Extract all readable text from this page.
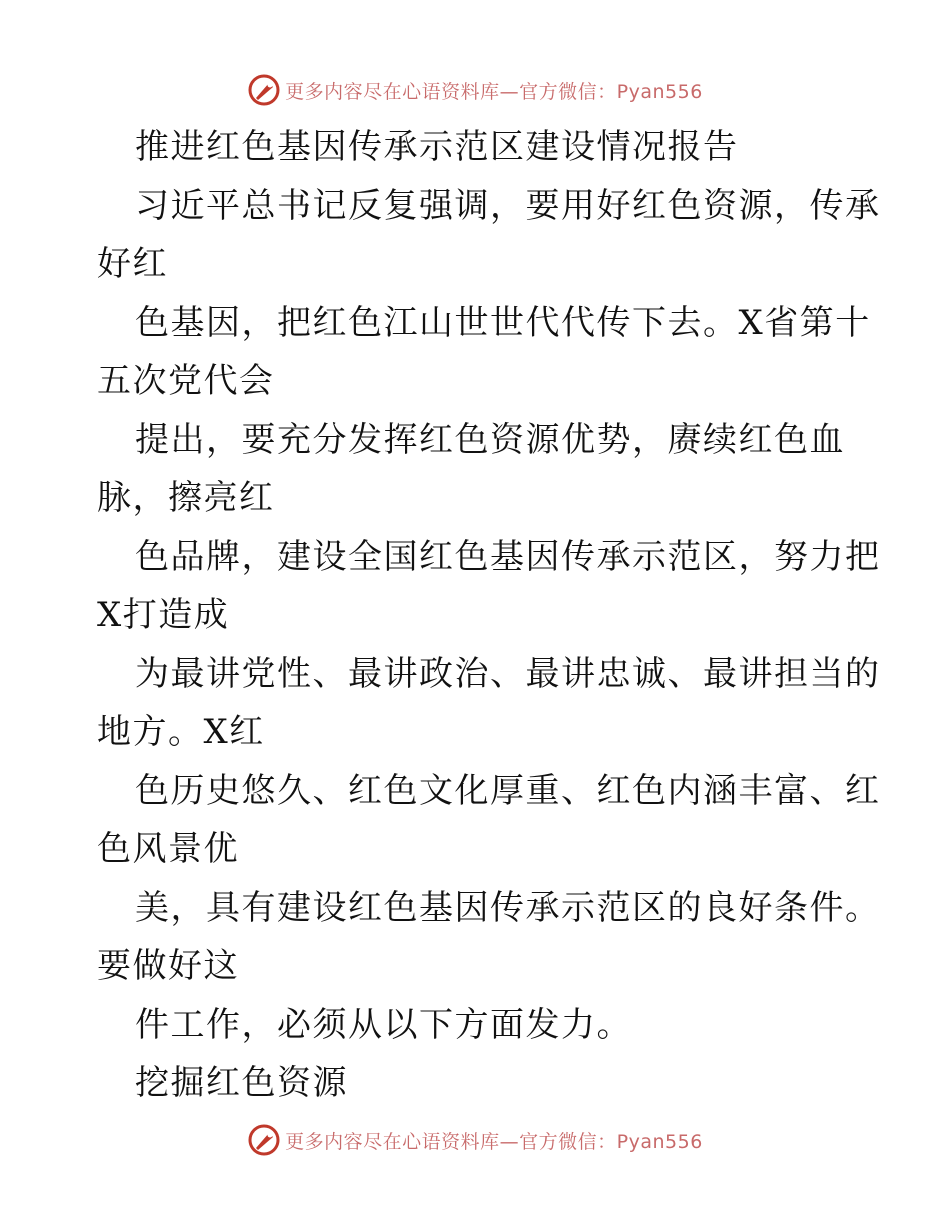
更多内容尽在心语资料库—官方微信：Pyan556
推进红色基因传承示范区建设情况报告
习近平总书记反复强调，要用好红色资源，传承
好红
色基因，把红色江山世世代代传下去。X省第十
五次党代会
提出，要充分发挥红色资源优势，赓续红色血
脉，擦亮红
色品牌，建设全国红色基因传承示范区，努力把
X打造成
为最讲党性、最讲政治、最讲忠诚、最讲担当的
地方。X红
色历史悠久、红色文化厚重、红色内涵丰富、红
色风景优
美，具有建设红色基因传承示范区的良好条件。
要做好这
件工作，必须从以下方面发力。
挖掘红色资源
更多内容尽在心语资料库—官方微信：Pyan556
